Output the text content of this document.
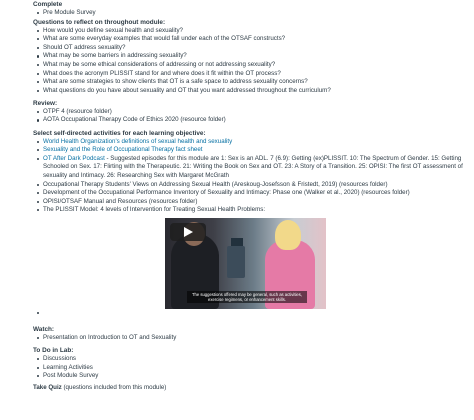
Complete
Pre Module Survey
Questions to reflect on throughout module:
How would you define sexual health and sexuality?
What are some everyday examples that would fall under each of the OTSAF constructs?
Should OT address sexuality?
What may be some barriers in addressing sexuality?
What may be some ethical considerations of addressing or not addressing sexuality?
What does the acronym PLISSIT stand for and where does it fit within the OT process?
What are some strategies to show clients that OT is a safe space to address sexuality concerns?
What questions do you have about sexuality and OT that you want addressed throughout the curriculum?
Review:
OTPF 4 (resource folder)
AOTA Occupational Therapy Code of Ethics 2020 (resource folder)
Select self-directed activities for each learning objective:
World Health Organization's definitions of sexual health and sexuality
Sexuality and the Role of Occupational Therapy fact sheet
OT After Dark Podcast - Suggested episodes for this module are 1: Sex is an ADL. 7 (6.9): Getting (ex)PLISSIT. 10: The Spectrum of Gender. 15: Getting Schooled on Sex. 17: Flirting with the Therapeutic. 21: Writing the Book on Sex and OT. 23: A Story of a Transition. 25: OPISI: The first OT assessment of sexuality and Intimacy. 26: Researching Sex with Margaret McGrath
Occupational Therapy Students' Views on Addressing Sexual Health (Areskoug-Josefsson & Fristedt, 2019) (resources folder)
Development of the Occupational Performance Inventory of Sexuality and Intimacy: Phase one (Walker et al., 2020) (resources folder)
OPISI/OTSAF Manual and Resources (resources folder)
The PLISSIT Model: 4 levels of Intervention for Treating Sexual Health Problems:
The suggestions offered may be general, such as activities, exercise regimens, or enhancement skills.
Watch:
Presentation on Introduction to OT and Sexuality
To Do in Lab:
Discussions
Learning Activities
Post Module Survey
Take Quiz (questions included from this module)
